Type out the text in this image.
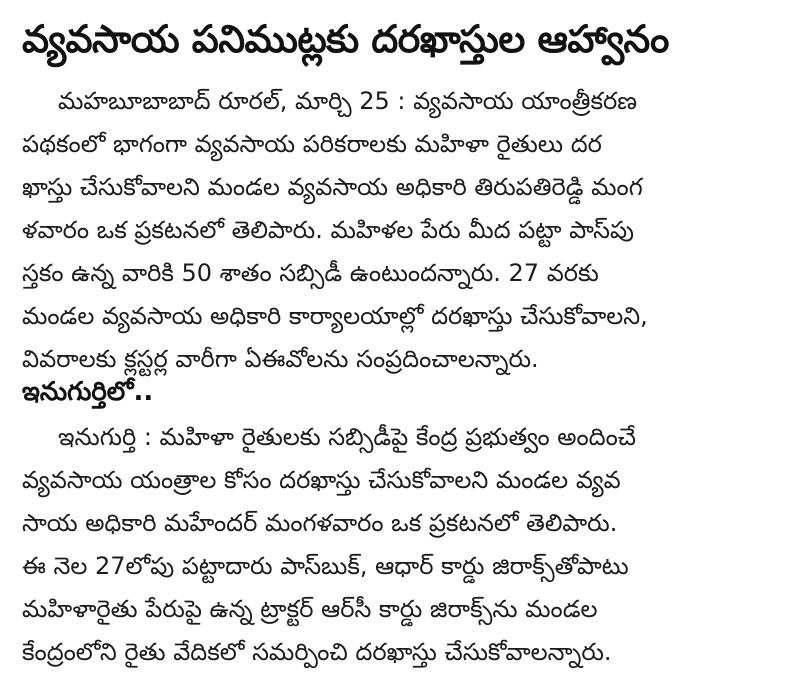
వ్యవసాయ పనిముట్లకు దరఖాస్తుల ఆహ్వానం
మహబూబాబాద్ రూరల్, మార్చి 25 : వ్యవసాయ యాంత్రీకరణ
పథకంలో భాగంగా వ్యవసాయ పరికరాలకు మహిళా రైతులు దర
ఖాస్తు చేసుకోవాలని మండల వ్యవసాయ అధికారి తిరుపతిరెడ్డి మంగ
ళవారం ఒక ప్రకటనలో తెలిపారు. మహిళల పేరు మీద పట్టా పాస్‌పు
స్తకం ఉన్న వారికి 50 శాతం సబ్సిడీ ఉంటుందన్నారు. 27 వరకు
మండల వ్యవసాయ అధికారి కార్యాలయాల్లో దరఖాస్తు చేసుకోవాలని,
వివరాలకు క్లస్టర్ల వారీగా ఏఈవోలను సంప్రదించాలన్నారు.
ఇనుగుర్తిలో..
ఇనుగుర్తి : మహిళా రైతులకు సబ్సిడీపై కేంద్ర ప్రభుత్వం అందించే
వ్యవసాయ యంత్రాల కోసం దరఖాస్తు చేసుకోవాలని మండల వ్యవ
సాయ అధికారి మహేందర్ మంగళవారం ఒక ప్రకటనలో తెలిపారు.
ఈ నెల 27లోపు పట్టాదారు పాస్‌బుక్, ఆధార్ కార్డు జిరాక్స్‌తోపాటు
మహిళారైతు పేరుపై ఉన్న ట్రాక్టర్ ఆర్‌సీ కార్డు జిరాక్స్‌ను మండల
కేంద్రంలోని రైతు వేదికలో సమర్పించి దరఖాస్తు చేసుకోవాలన్నారు.
